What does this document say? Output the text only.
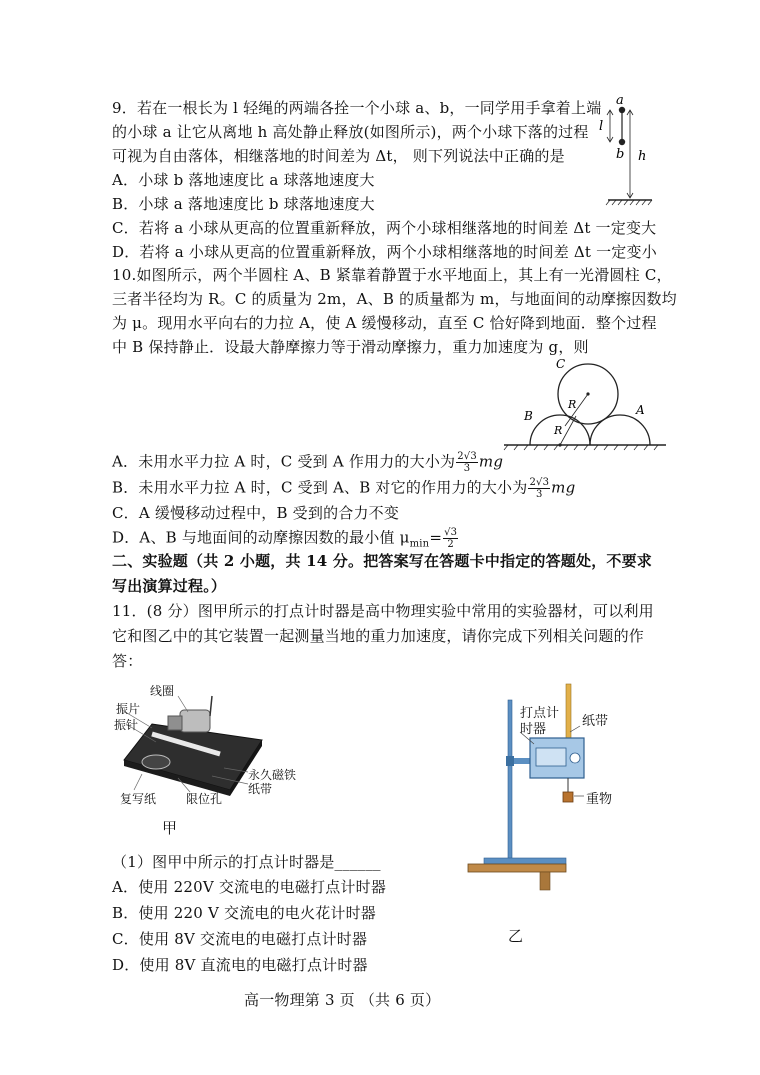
9．若在一根长为 l 轻绳的两端各拴一个小球 a、b，一同学用手拿着上端
的小球 a 让它从离地 h 高处静止释放(如图所示)，两个小球下落的过程
可视为自由落体，相继落地的时间差为 Δt， 则下列说法中正确的是
A．小球 b 落地速度比 a 球落地速度大
B．小球 a 落地速度比 b 球落地速度大
C．若将 a 小球从更高的位置重新释放，两个小球相继落地的时间差 Δt 一定变大
D．若将 a 小球从更高的位置重新释放，两个小球相继落地的时间差 Δt 一定变小
a
b
l
h
10.如图所示，两个半圆柱 A、B 紧靠着静置于水平地面上，其上有一光滑圆柱 C，
三者半径均为 R。C 的质量为 2m，A、B 的质量都为 m，与地面间的动摩擦因数均
为 μ。现用水平向右的力拉 A，使 A 缓慢移动，直至 C 恰好降到地面．整个过程
中 B 保持静止．设最大静摩擦力等于滑动摩擦力，重力加速度为 g，则
C
B	A
R
R
A．未用水平力拉 A 时，C 受到 A 作用力的大小为 $\frac{2√3}{3}$ mg
B．未用水平力拉 A 时，C 受到 A、B 对它的作用力的大小为 $\frac{2√3}{3}$ mg
C．A 缓慢移动过程中，B 受到的合力不变
D．A、B 与地面间的动摩擦因数的最小值 $\mu_{min}= \frac{√3}{2}$
二、实验题（共 2 小题，共 14 分。把答案写在答题卡中指定的答题处，不要求
写出演算过程。）
11．(8 分）图甲所示的打点计时器是高中物理实验中常用的实验器材，可以利用
它和图乙中的其它装置一起测量当地的重力加速度，请你完成下列相关问题的作
答：
线圈
振片
振针
永久磁铁
纸带
复写纸 限位孔
甲
打点计
时器
纸带
重物
乙
（1）图甲中所示的打点计时器是______
A．使用 220V 交流电的电磁打点计时器
B．使用 220 V 交流电的电火花计时器
C．使用 8V 交流电的电磁打点计时器
D．使用 8V 直流电的电磁打点计时器
高一物理第 3 页 （共 6 页）
